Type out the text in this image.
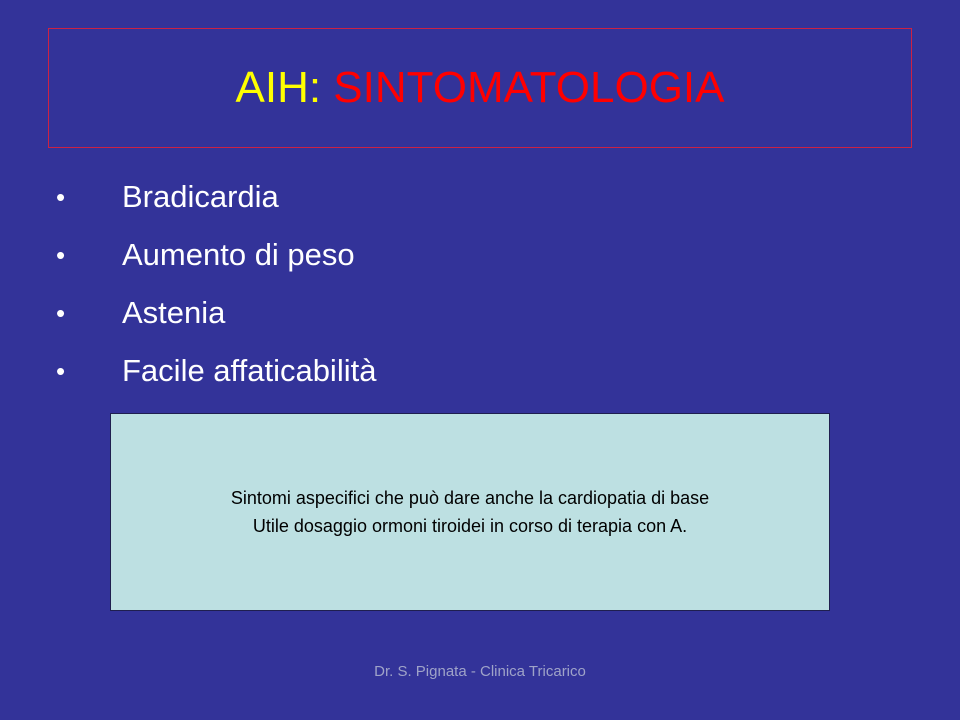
AIH: SINTOMATOLOGIA
•	Bradicardia
•	Aumento di peso
•	Astenia
•	Facile affaticabilità
Sintomi aspecifici che può dare anche la cardiopatia di base
Utile dosaggio ormoni tiroidei in corso di terapia con A.
Dr. S. Pignata - Clinica Tricarico
